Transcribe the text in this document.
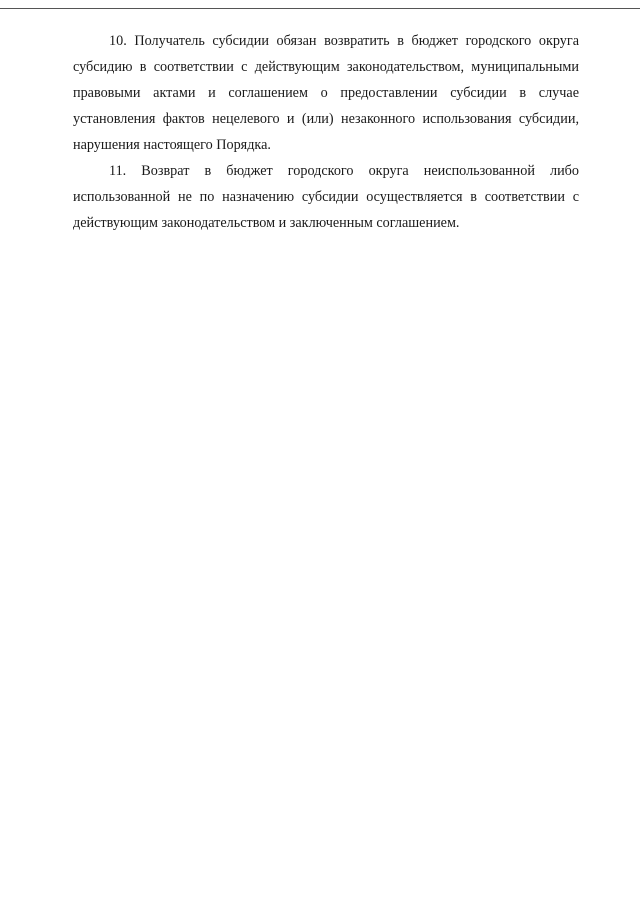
10. Получатель субсидии обязан возвратить в бюджет городского округа субсидию в соответствии с действующим законодательством, муниципальными правовыми актами и соглашением о предоставлении субсидии в случае установления фактов нецелевого и (или) незаконного использования субсидии, нарушения настоящего Порядка.

11. Возврат в бюджет городского округа неиспользованной либо использованной не по назначению субсидии осуществляется в соответствии с действующим законодательством и заключенным соглашением.
